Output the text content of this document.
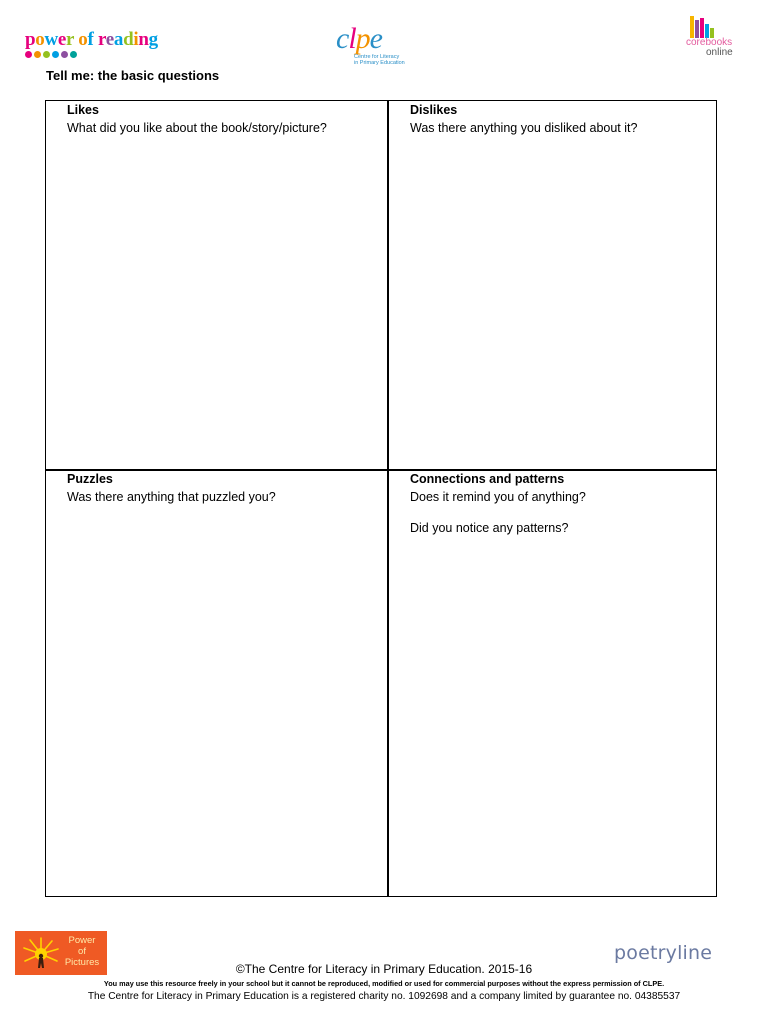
power of reading	clpe
Centre for Literacy
in Primary Education
corebooks
online
Tell me: the basic questions
Likes
What did you like about the book/story/picture?
Dislikes
Was there anything you disliked about it?
Puzzles
Was there anything that puzzled you?
Connections and patterns
Does it remind you of anything?
Did you notice any patterns?
Power
of
Pictures	poetryline
©The Centre for Literacy in Primary Education. 2015-16
You may use this resource freely in your school but it cannot be reproduced, modified or used for commercial purposes without the express permission of CLPE.
The Centre for Literacy in Primary Education is a registered charity no. 1092698 and a company limited by guarantee no. 04385537
